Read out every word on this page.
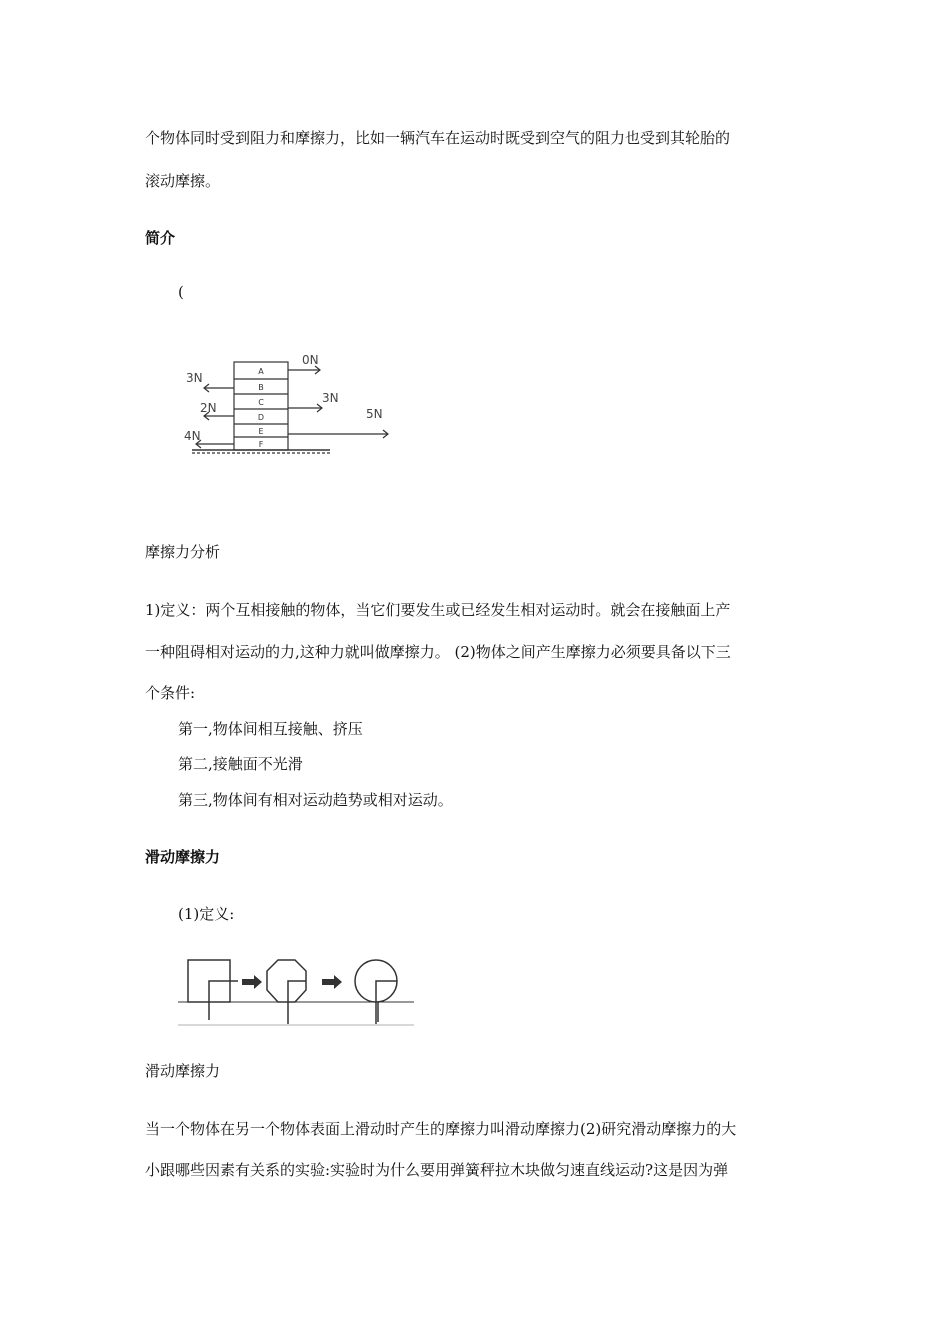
个物体同时受到阻力和摩擦力，比如一辆汽车在运动时既受到空气的阻力也受到其轮胎的
滚动摩擦。
简介
(
A
B
C
D
E
F
3N
2N
4N
0N
3N
5N
摩擦力分析
1)定义：两个互相接触的物体，当它们要发生或已经发生相对运动时。就会在接触面上产
一种阻碍相对运动的力,这种力就叫做摩擦力。 (2)物体之间产生摩擦力必须要具备以下三
个条件:
第一,物体间相互接触、挤压
第二,接触面不光滑
第三,物体间有相对运动趋势或相对运动。
滑动摩擦力
(1)定义:
滑动摩擦力
当一个物体在另一个物体表面上滑动时产生的摩擦力叫滑动摩擦力(2)研究滑动摩擦力的大
小跟哪些因素有关系的实验:实验时为什么要用弹簧秤拉木块做匀速直线运动?这是因为弹
